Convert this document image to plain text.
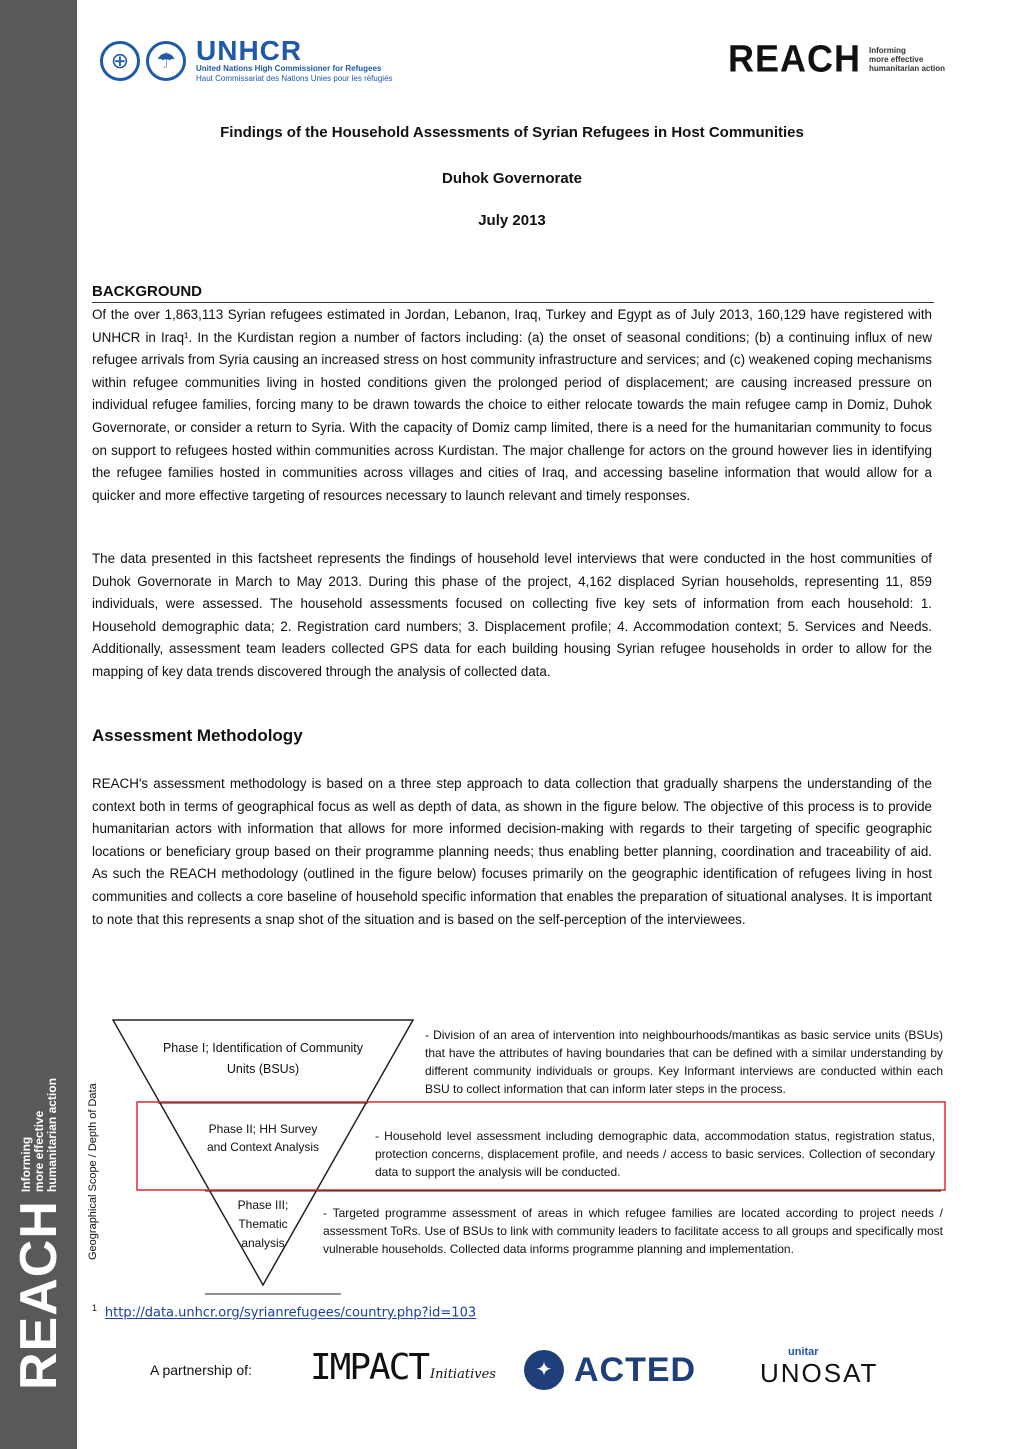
REACH
Informing
more effective
humanitarian action
⊕	☂ UNHCR
United Nations High Commissioner for Refugees
Haut Commissariat des Nations Unies pour les réfugiés	REACH Informing
more effective
humanitarian action
Findings of the Household Assessments of Syrian Refugees in Host Communities
Duhok Governorate
July 2013
BACKGROUND

Of the over 1,863,113 Syrian refugees estimated in Jordan, Lebanon, Iraq, Turkey and Egypt as of July 2013, 160,129 have registered with UNHCR in Iraq¹. In the Kurdistan region a number of factors including: (a) the onset of seasonal conditions; (b) a continuing influx of new refugee arrivals from Syria causing an increased stress on host community infrastructure and services; and (c) weakened coping mechanisms within refugee communities living in hosted conditions given the prolonged period of displacement; are causing increased pressure on individual refugee families, forcing many to be drawn towards the choice to either relocate towards the main refugee camp in Domiz, Duhok Governorate, or consider a return to Syria. With the capacity of Domiz camp limited, there is a need for the humanitarian community to focus on support to refugees hosted within communities across Kurdistan. The major challenge for actors on the ground however lies in identifying the refugee families hosted in communities across villages and cities of Iraq, and accessing baseline information that would allow for a quicker and more effective targeting of resources necessary to launch relevant and timely responses.

The data presented in this factsheet represents the findings of household level interviews that were conducted in the host communities of Duhok Governorate in March to May 2013. During this phase of the project, 4,162 displaced Syrian households, representing 11, 859 individuals, were assessed. The household assessments focused on collecting five key sets of information from each household: 1. Household demographic data; 2. Registration card numbers; 3. Displacement profile; 4. Accommodation context; 5. Services and Needs. Additionally, assessment team leaders collected GPS data for each building housing Syrian refugee households in order to allow for the mapping of key data trends discovered through the analysis of collected data.

Assessment Methodology

REACH's assessment methodology is based on a three step approach to data collection that gradually sharpens the understanding of the context both in terms of geographical focus as well as depth of data, as shown in the figure below. The objective of this process is to provide humanitarian actors with information that allows for more informed decision-making with regards to their targeting of specific geographic locations or beneficiary group based on their programme planning needs; thus enabling better planning, coordination and traceability of aid. As such the REACH methodology (outlined in the figure below) focuses primarily on the geographic identification of refugees living in host communities and collects a core baseline of household specific information that enables the preparation of situational analyses. It is important to note that this represents a snap shot of the situation and is based on the self-perception of the interviewees.

Geographical Scope / Depth of Data
Phase I; Identification of Community Units (BSUs)
Phase II; HH Survey and Context Analysis
Phase III; Thematic analysis
- Division of an area of intervention into neighbourhoods/mantikas as basic service units (BSUs) that have the attributes of having boundaries that can be defined with a similar understanding by different community individuals or groups. Key Informant interviews are conducted within each BSU to collect information that can inform later steps in the process.
- Household level assessment including demographic data, accommodation status, registration status, protection concerns, displacement profile, and needs / access to basic services. Collection of secondary data to support the analysis will be conducted.
- Targeted programme assessment of areas in which refugee families are located according to project needs / assessment ToRs. Use of BSUs to link with community leaders to facilitate access to all groups and specifically most vulnerable households. Collected data informs programme planning and implementation.
$^1$ http://data.unhcr.org/syrianrefugees/country.php?id=103
A partnership of: IMPACT Initiatives	✦ ACTED	unitar
UNOSAT
